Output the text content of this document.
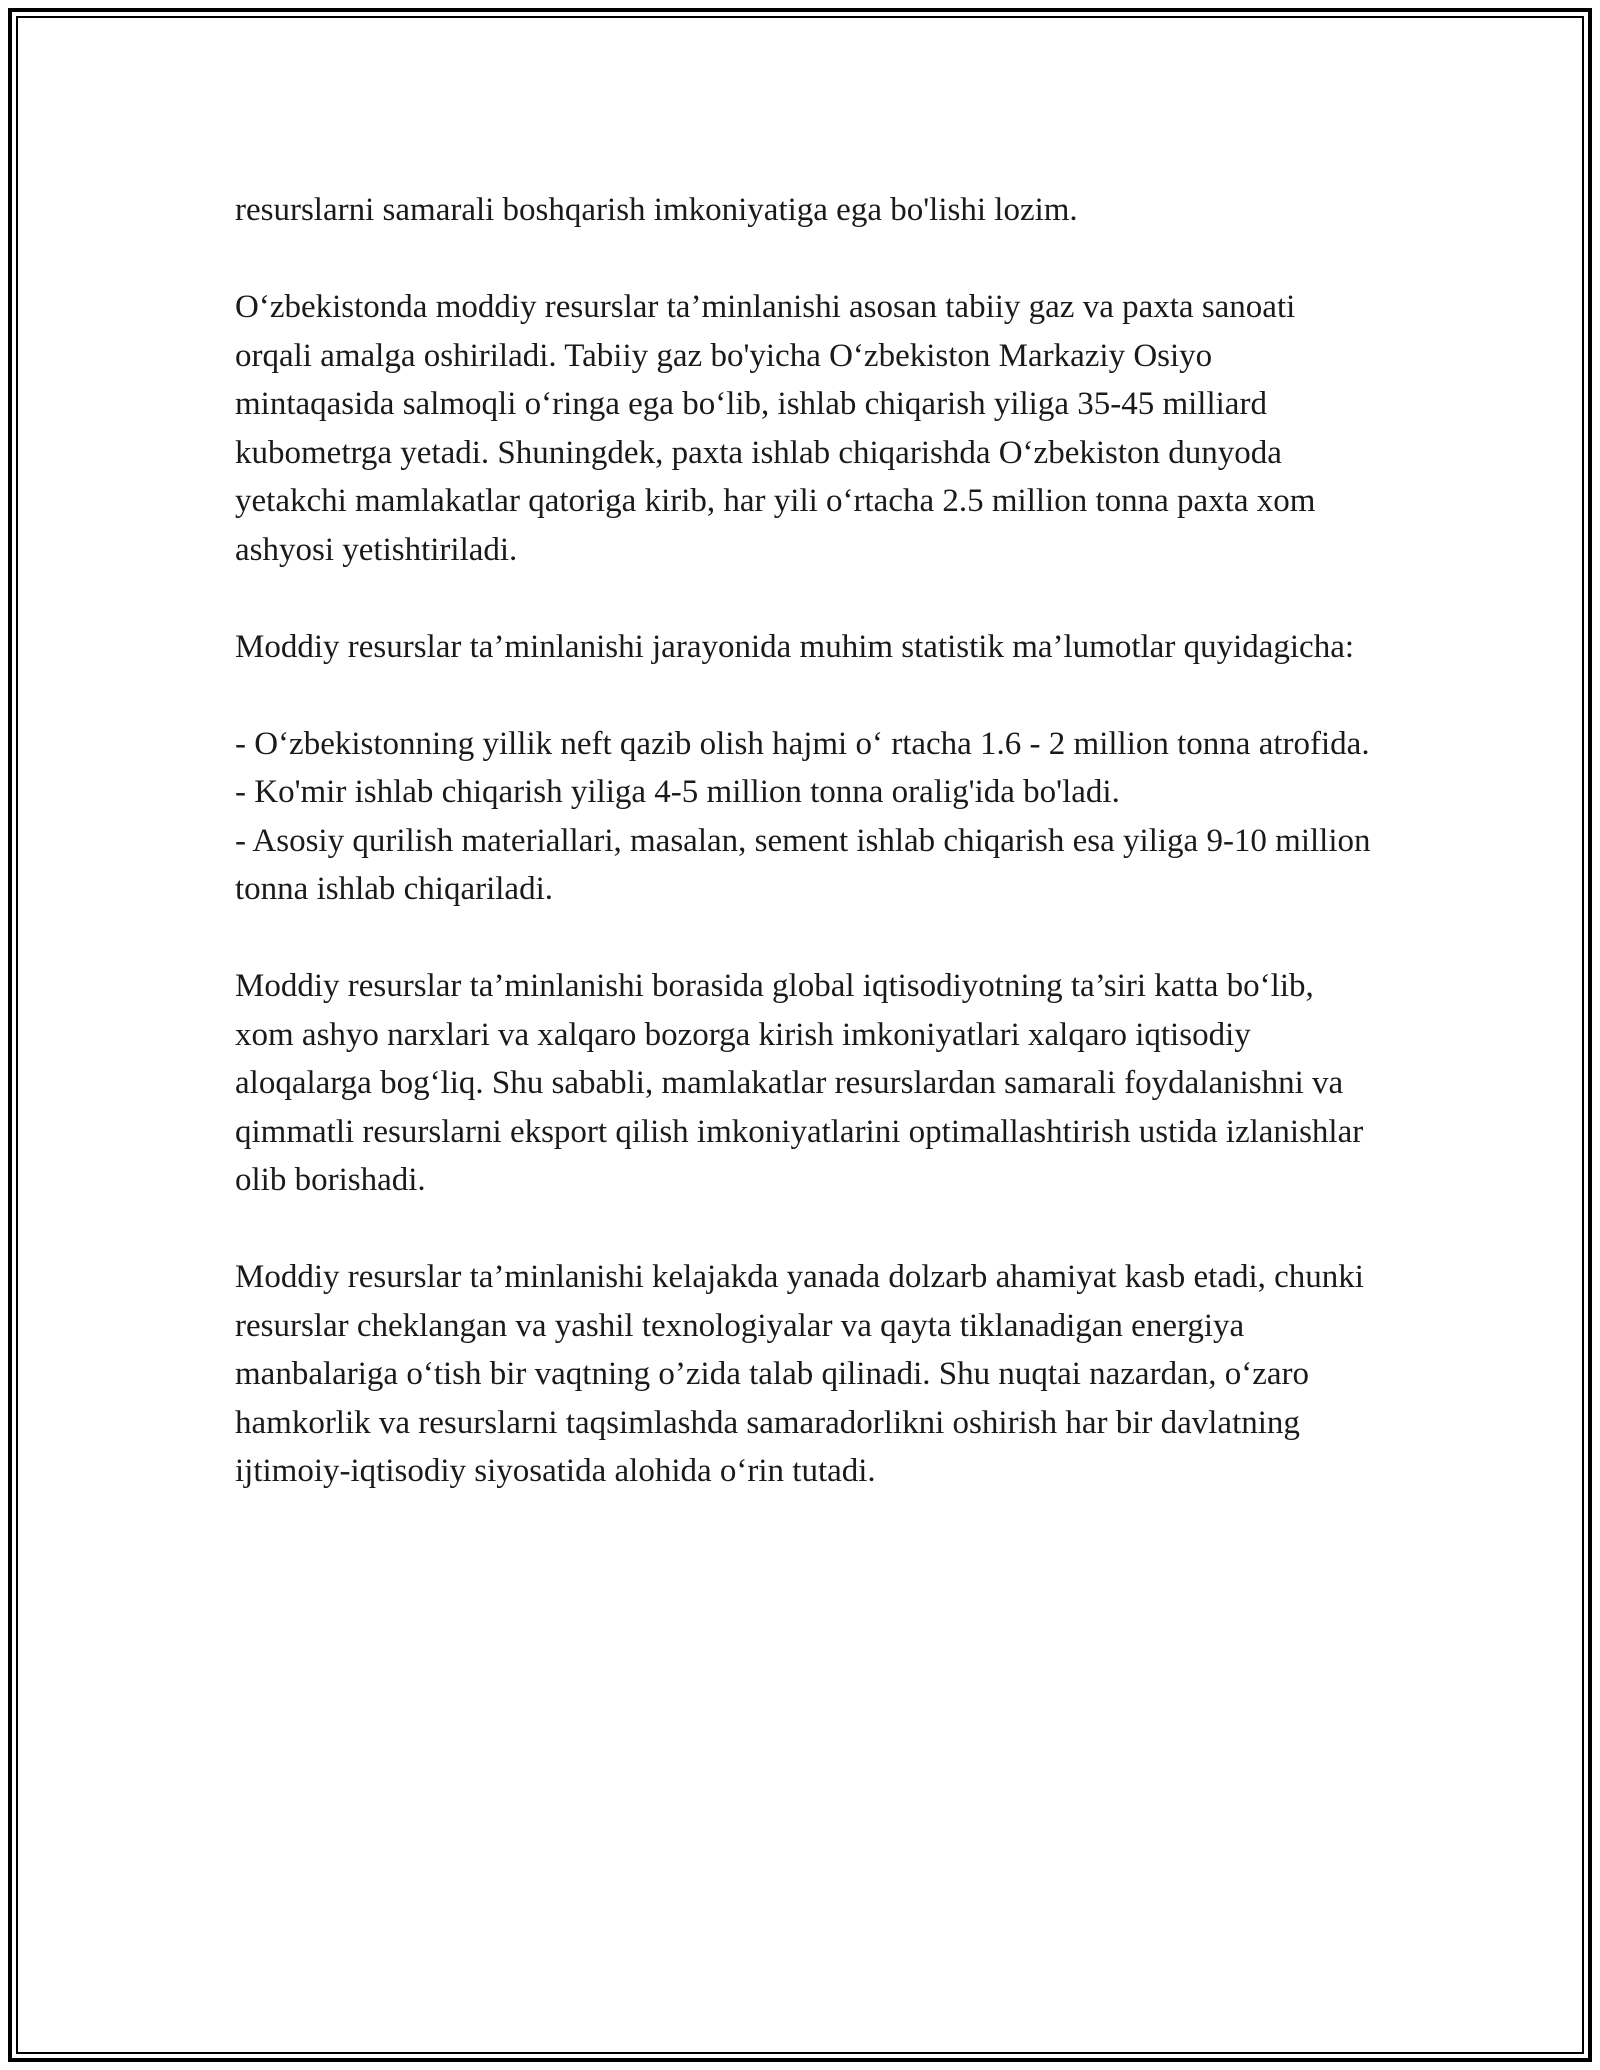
resurslarni samarali boshqarish imkoniyatiga ega bo'lishi lozim.

O‘zbekistonda moddiy resurslar ta’minlanishi asosan tabiiy gaz va paxta sanoati orqali amalga oshiriladi. Tabiiy gaz bo'yicha O‘zbekiston Markaziy Osiyo mintaqasida salmoqli o‘ringa ega bo‘lib, ishlab chiqarish yiliga 35-45 milliard kubometrga yetadi. Shuningdek, paxta ishlab chiqarishda O‘zbekiston dunyoda yetakchi mamlakatlar qatoriga kirib, har yili o‘rtacha 2.5 million tonna paxta xom ashyosi yetishtiriladi.

Moddiy resurslar ta’minlanishi jarayonida muhim statistik ma’lumotlar quyidagicha:

- O‘zbekistonning yillik neft qazib olish hajmi o‘ rtacha 1.6 - 2 million tonna atrofida.

- Ko'mir ishlab chiqarish yiliga 4-5 million tonna oralig'ida bo'ladi.

- Asosiy qurilish materiallari, masalan, sement ishlab chiqarish esa yiliga 9-10 million tonna ishlab chiqariladi.

Moddiy resurslar ta’minlanishi borasida global iqtisodiyotning ta’siri katta bo‘lib, xom ashyo narxlari va xalqaro bozorga kirish imkoniyatlari xalqaro iqtisodiy aloqalarga bog‘liq. Shu sababli, mamlakatlar resurslardan samarali foydalanishni va qimmatli resurslarni eksport qilish imkoniyatlarini optimallashtirish ustida izlanishlar olib borishadi.

Moddiy resurslar ta’minlanishi kelajakda yanada dolzarb ahamiyat kasb etadi, chunki resurslar cheklangan va yashil texnologiyalar va qayta tiklanadigan energiya manbalariga o‘tish bir vaqtning o’zida talab qilinadi. Shu nuqtai nazardan, o‘zaro hamkorlik va resurslarni taqsimlashda samaradorlikni oshirish har bir davlatning ijtimoiy-iqtisodiy siyosatida alohida o‘rin tutadi.
